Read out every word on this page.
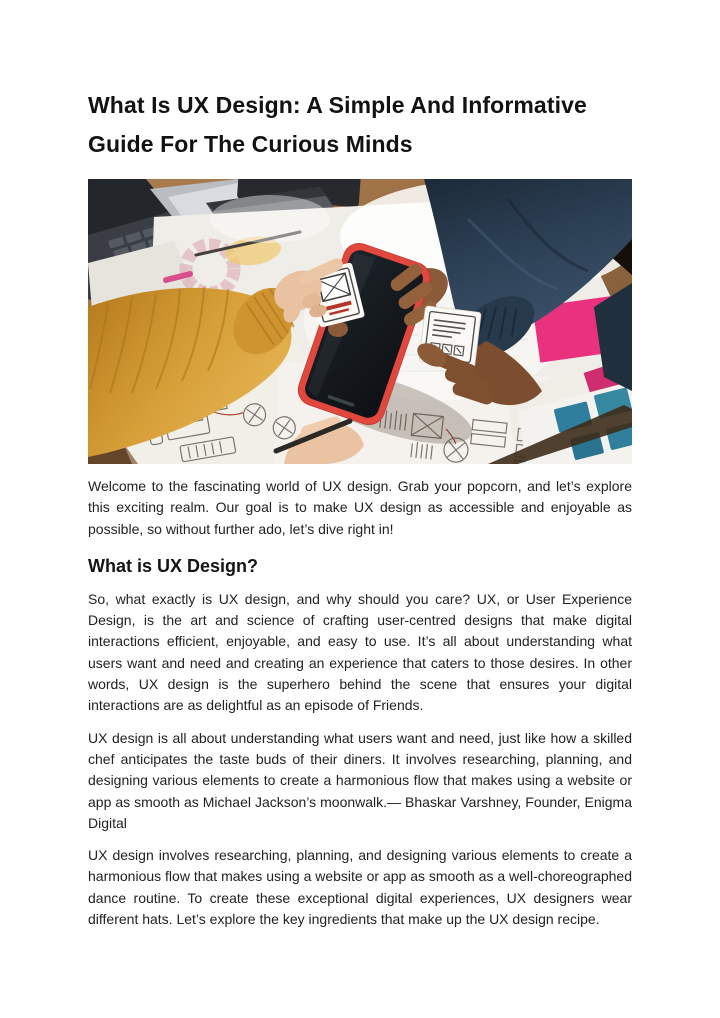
What Is UX Design: A Simple And Informative Guide For The Curious Minds

Welcome to the fascinating world of UX design. Grab your popcorn, and let’s explore this exciting realm. Our goal is to make UX design as accessible and enjoyable as possible, so without further ado, let’s dive right in!

What is UX Design?

So, what exactly is UX design, and why should you care? UX, or User Experience Design, is the art and science of crafting user-centred designs that make digital interactions efficient, enjoyable, and easy to use. It’s all about understanding what users want and need and creating an experience that caters to those desires. In other words, UX design is the superhero behind the scene that ensures your digital interactions are as delightful as an episode of Friends.

UX design is all about understanding what users want and need, just like how a skilled chef anticipates the taste buds of their diners. It involves researching, planning, and designing various elements to create a harmonious flow that makes using a website or app as smooth as Michael Jackson’s moonwalk.— Bhaskar Varshney, Founder, Enigma Digital

UX design involves researching, planning, and designing various elements to create a harmonious flow that makes using a website or app as smooth as a well-choreographed dance routine. To create these exceptional digital experiences, UX designers wear different hats. Let’s explore the key ingredients that make up the UX design recipe.
